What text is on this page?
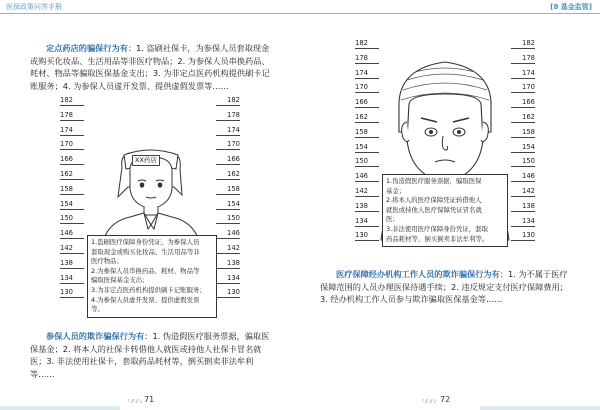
医保政策问答手册	[8 基金监管]
定点药店的骗保行为有：1. 盗刷社保卡，为参保人员套取现金或购买化妆品、生活用品等非医疗物品；2. 为参保人员串换药品、耗材、物品等骗取医保基金支出；3. 为非定点医药机构提供刷卡记账服务；4. 为参保人员虚开发票、提供虚假发票等……
182	182
178	178
174	174
170	170
166	166
162	162
158	158
154	154
150	150
146	146
142	142
138	138
134	134
130	130
XX药店
1.盗刷医疗保障身份凭证，为参保人员
套取现金或购买化妆品、生活用品等非
医疗物品；
2.为参保人员串换药品、耗材、物品等
骗取医保基金支出；
3.为非定点医药机构提供刷卡记账服务；
4.为参保人员虚开发票、提供虚假发票
等。
参保人员的欺诈骗保行为有：1. 伪造假医疗服务票据，骗取医保基金；2. 将本人的社保卡转借他人就医或持他人社保卡冒名就医；3. 非法使用社保卡，套取药品耗材等，倒买倒卖非法牟利等……
71
182	182
178	178
174	174
170	170
166	166
162	162
158	158
154	154
150	150
146	146
142	142
138	138
134	134
130	130
1.伪造假医疗服务票据，骗取医保
基金；
2.将本人的医疗保障凭证转借他人
就医或持他人医疗保障凭证冒名就
医；
3.非法使用医疗保障身份凭证，套取
药品耗材等，倒买倒卖非法牟利等。
医疗保障经办机构工作人员的欺诈骗保行为有：1. 为不属于医疗保障范围的人员办理医保待遇手续；2. 违反规定支付医疗保障费用；3. 经办机构工作人员参与欺诈骗取医保基金等……
72
